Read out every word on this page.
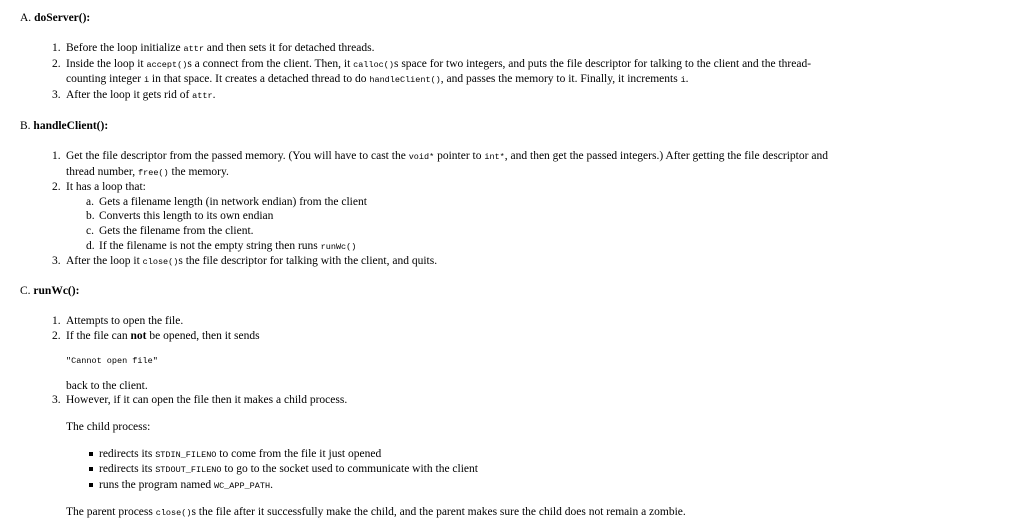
A. doServer():
1. Before the loop initialize attr and then sets it for detached threads.
2. Inside the loop it accept()s a connect from the client. Then, it calloc()s space for two integers, and puts the file descriptor for talking to the client and the thread-
counting integer i in that space. It creates a detached thread to do handleClient(), and passes the memory to it. Finally, it increments i.
3. After the loop it gets rid of attr.
B. handleClient():
1. Get the file descriptor from the passed memory. (You will have to cast the void* pointer to int*, and then get the passed integers.) After getting the file descriptor and
thread number, free() the memory.
2. It has a loop that:
a. Gets a filename length (in network endian) from the client
b. Converts this length to its own endian
c. Gets the filename from the client.
d. If the filename is not the empty string then runs runWc()
3. After the loop it close()s the file descriptor for talking with the client, and quits.
C. runWc():
1. Attempts to open the file.
2. If the file can not be opened, then it sends
"Cannot open file"
back to the client.
3. However, if it can open the file then it makes a child process.
The child process:
redirects its STDIN_FILENO to come from the file it just opened
redirects its STDOUT_FILENO to go to the socket used to communicate with the client
runs the program named WC_APP_PATH.
The parent process close()s the file after it successfully make the child, and the parent makes sure the child does not remain a zombie.
